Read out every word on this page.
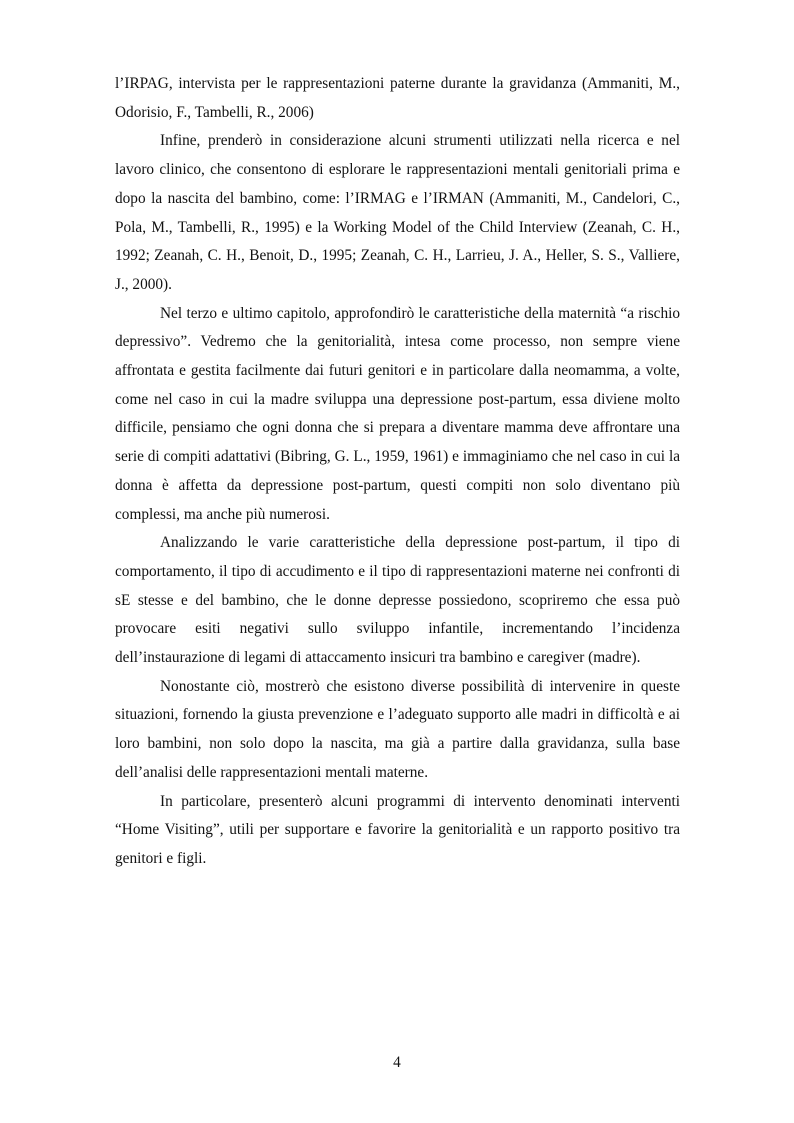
l’IRPAG, intervista per le rappresentazioni paterne durante la gravidanza (Ammaniti, M., Odorisio, F., Tambelli, R., 2006)

Infine, prenderò in considerazione alcuni strumenti utilizzati nella ricerca e nel lavoro clinico, che consentono di esplorare le rappresentazioni mentali genitoriali prima e dopo la nascita del bambino, come: l’IRMAG e l’IRMAN (Ammaniti, M., Candelori, C., Pola, M., Tambelli, R., 1995) e la Working Model of the Child Interview (Zeanah, C. H., 1992; Zeanah, C. H., Benoit, D., 1995; Zeanah, C. H., Larrieu, J. A., Heller, S. S., Valliere, J., 2000).

Nel terzo e ultimo capitolo, approfondirò le caratteristiche della maternità “a rischio depressivo”. Vedremo che la genitorialità, intesa come processo, non sempre viene affrontata e gestita facilmente dai futuri genitori e in particolare dalla neomamma, a volte, come nel caso in cui la madre sviluppa una depressione post-partum, essa diviene molto difficile, pensiamo che ogni donna che si prepara a diventare mamma deve affrontare una serie di compiti adattativi (Bibring, G. L., 1959, 1961) e immaginiamo che nel caso in cui la donna è affetta da depressione post-partum, questi compiti non solo diventano più complessi, ma anche più numerosi.

Analizzando le varie caratteristiche della depressione post-partum, il tipo di comportamento, il tipo di accudimento e il tipo di rappresentazioni materne nei confronti di sE stesse e del bambino, che le donne depresse possiedono, scopriremo che essa può provocare esiti negativi sullo sviluppo infantile, incrementando l’incidenza dell’instaurazione di legami di attaccamento insicuri tra bambino e caregiver (madre).

Nonostante ciò, mostrerò che esistono diverse possibilità di intervenire in queste situazioni, fornendo la giusta prevenzione e l’adeguato supporto alle madri in difficoltà e ai loro bambini, non solo dopo la nascita, ma già a partire dalla gravidanza, sulla base dell’analisi delle rappresentazioni mentali materne.

In particolare, presenterò alcuni programmi di intervento denominati interventi “Home Visiting”, utili per supportare e favorire la genitorialità e un rapporto positivo tra genitori e figli.

4
